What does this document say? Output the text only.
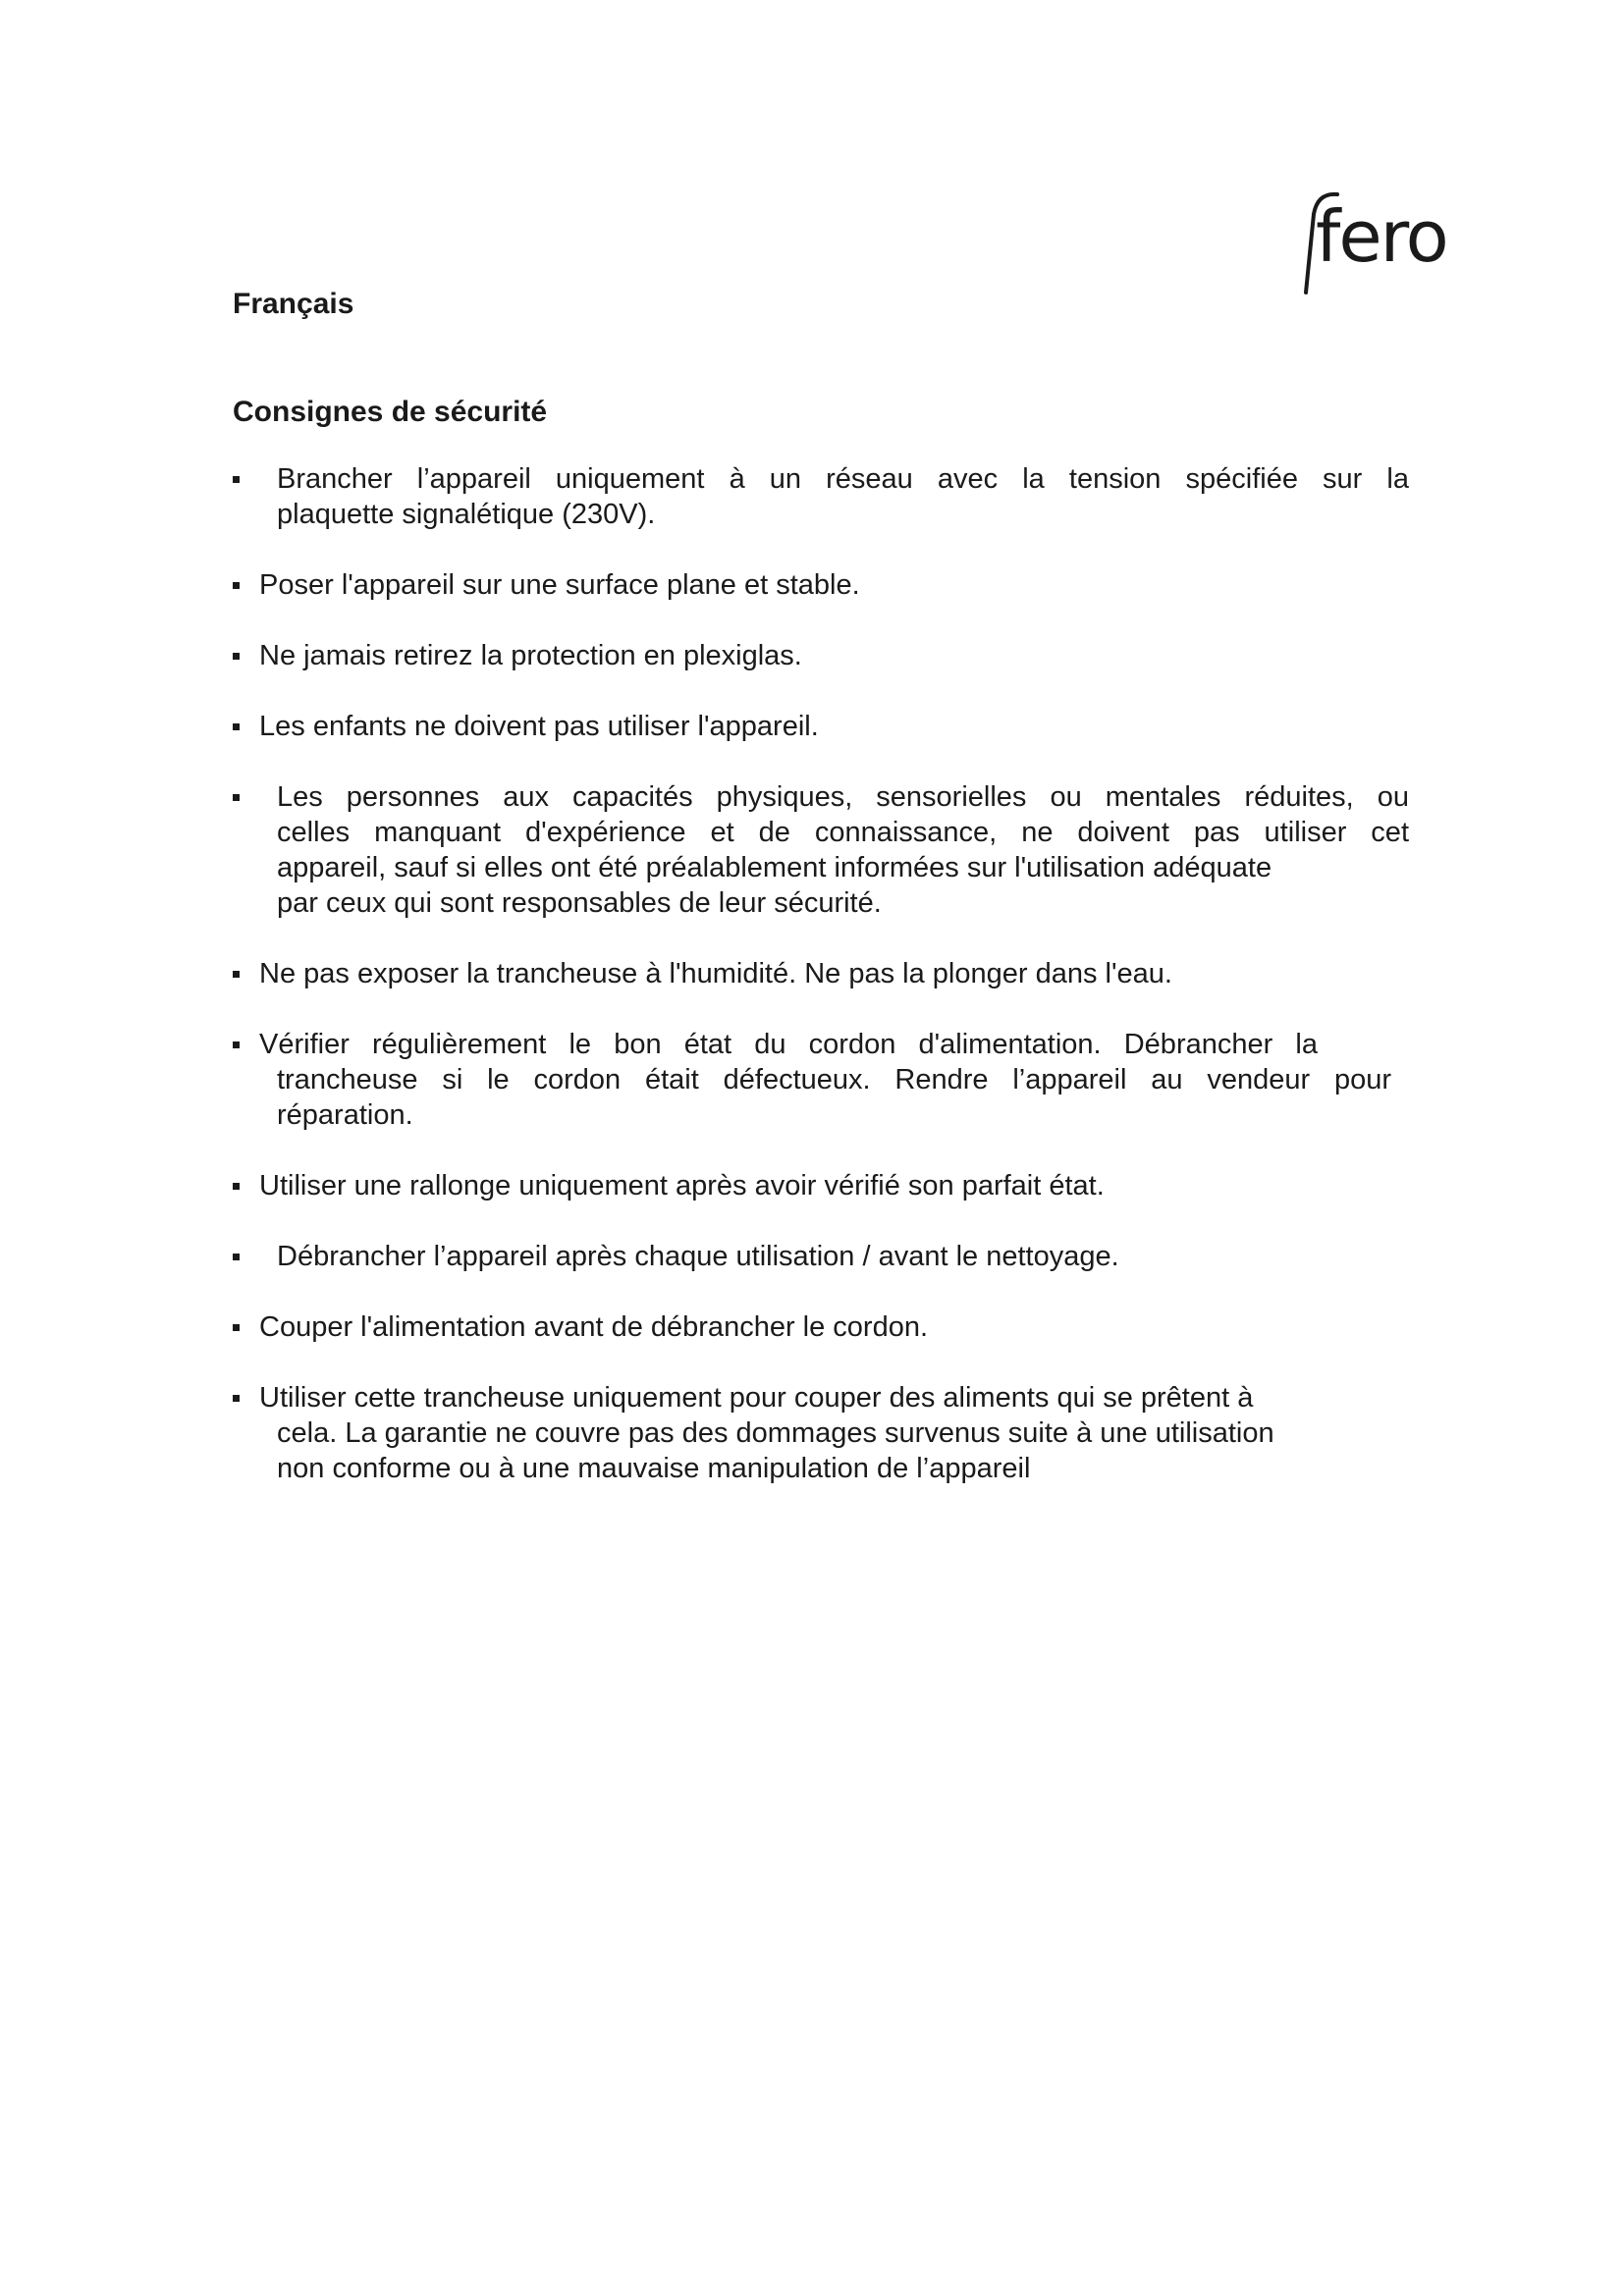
fero
Français
Consignes de sécurité
Brancher l’appareil uniquement à un réseau avec la tension spécifiée sur la
plaquette signalétique (230V).
Poser l'appareil sur une surface plane et stable.
Ne jamais retirez la protection en plexiglas.
Les enfants ne doivent pas utiliser l'appareil.
Les personnes aux capacités physiques, sensorielles ou mentales réduites, ou
celles manquant d'expérience et de connaissance, ne doivent pas utiliser cet
appareil, sauf si elles ont été préalablement informées sur l'utilisation adéquate
par ceux qui sont responsables de leur sécurité.
Ne pas exposer la trancheuse à l'humidité. Ne pas la plonger dans l'eau.
Vérifier régulièrement le bon état du cordon d'alimentation. Débrancher la
trancheuse si le cordon était défectueux. Rendre l’appareil au vendeur pour
réparation.
Utiliser une rallonge uniquement après avoir vérifié son parfait état.
Débrancher l’appareil après chaque utilisation / avant le nettoyage.
Couper l'alimentation avant de débrancher le cordon.
Utiliser cette trancheuse uniquement pour couper des aliments qui se prêtent à
cela. La garantie ne couvre pas des dommages survenus suite à une utilisation
non conforme ou à une mauvaise manipulation de l’appareil
